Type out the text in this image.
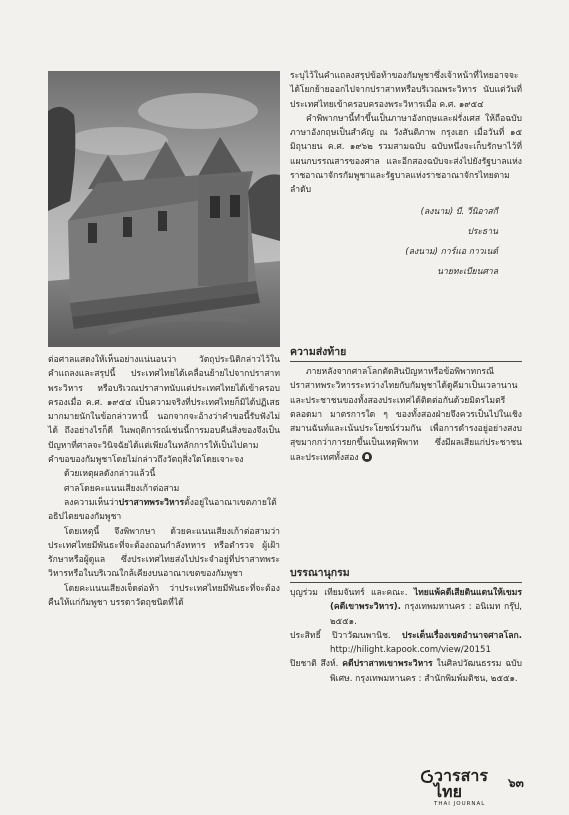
ต่อศาลแสดงให้เห็นอย่างแน่นอนว่า วัตถุประนิติกล่าวไว้ในคำแถลงและสรุปนี้ ประเทศไทยได้เคลื่อนย้ายไปจากปราสาทพระวิหาร หรือบริเวณปราสาทนับแต่ประเทศไทยได้เข้าครอบครองเมื่อ ค.ศ. ๑๙๕๔ เป็นความจริงที่ประเทศไทยก็มิได้ปฏิเสธมากมายนักในข้อกล่าวหานี้ นอกจากจะอ้างว่าคำขอนี้รับฟังไม่ได้ ถึงอย่างไรก็ดี ในพฤติการณ์เช่นนี้การมอบคืนสิ่งของจึงเป็นปัญหาที่ศาลจะวินิจฉัยได้แต่เพียงในหลักการให้เป็นไปตามคำขอของกัมพูชาโดยไม่กล่าวถึงวัตถุสิ่งใดโดยเจาะจง

ด้วยเหตุผลดังกล่าวแล้วนี้

ศาลโดยคะแนนเสียงเก้าต่อสาม

ลงความเห็นว่าปราสาทพระวิหารตั้งอยู่ในอาณาเขตภายใต้อธิปไตยของกัมพูชา

โดยเหตุนี้ จึงพิพากษา ด้วยคะแนนเสียงเก้าต่อสามว่าประเทศไทยมีพันธะที่จะต้องถอนกำลังทหาร หรือตำรวจ ผู้เฝ้ารักษาหรือผู้ดูแล ซึ่งประเทศไทยส่งไปประจำอยู่ที่ปราสาทพระวิหารหรือในบริเวณใกล้เคียงบนอาณาเขตของกัมพูชา

โดยคะแนนเสียงเจ็ดต่อห้า ว่าประเทศไทยมีพันธะที่จะต้องคืนให้แก่กัมพูชา บรรดาวัตถุชนิดที่ได้

ระบุไว้ในคำแถลงสรุปข้อท้าของกัมพูชาซึ่งเจ้าหน้าที่ไทยอาจจะได้โยกย้ายออกไปจากปราสาทหรือบริเวณพระวิหาร นับแต่วันที่ประเทศไทยเข้าครอบครองพระวิหารเมื่อ ค.ศ. ๑๙๕๔

คำพิพากษานี้ทำขึ้นเป็นภาษาอังกฤษและฝรั่งเศส ให้ถือฉบับภาษาอังกฤษเป็นสำคัญ ณ วังสันติภาพ กรุงเฮก เมื่อวันที่ ๑๕ มิถุนายน ค.ศ. ๑๙๖๒ รวมสามฉบับ ฉบับหนึ่งจะเก็บรักษาไว้ที่แผนกบรรณสารของศาล และอีกสองฉบับจะส่งไปยังรัฐบาลแห่งราชอาณาจักรกัมพูชาและรัฐบาลแห่งราชอาณาจักรไทยตามลำดับ

(ลงนาม) บี. วีนิอาสกี

ประธาน

(ลงนาม) การ์แอ กาวเนต์

นายทะเบียนศาล

ความส่งท้าย

ภายหลังจากศาลโลกตัดสินปัญหาหรือข้อพิพาทกรณีปราสาทพระวิหารระหว่างไทยกับกัมพูชาได้ดูคีมาเป็นเวลานาน และประชาชนของทั้งสองประเทศได้ติดต่อกันด้วยมิตรไมตรีตลอดมา มาตรการใด ๆ ของทั้งสองฝ่ายจึงควรเป็นไปในเชิงสมานฉันท์และเน้นประโยชน์ร่วมกัน เพื่อการดำรงอยู่อย่างสงบสุขมากกว่าการยกขึ้นเป็นเหตุพิพาท ซึ่งมีผลเสียแก่ประชาชนและประเทศทั้งสอง

บรรณานุกรม

บุญร่วม เทียมจันทร์ และคณะ. ไทยแพ้คดีเสียดินแดนให้เขมร (คดีเขาพระวิหาร). กรุงเทพมหานคร : อนิเมท กรุ๊ป, ๒๕๕๑.

ประสิทธิ์ ปิวาวัฒนพานิช. ประเด็นเรื่องเขตอำนาจศาลโลก. http://hilight.kapook.com/view/20151

ปิยชาติ สึงห์. คดีปราสาทเขาพระวิหาร ในศิลปวัฒนธรรม ฉบับพิเศษ. กรุงเทพมหานคร : สำนักพิมพ์มติชน, ๒๕๕๑.

วารสารไทย
THAI JOURNAL
๖๓
